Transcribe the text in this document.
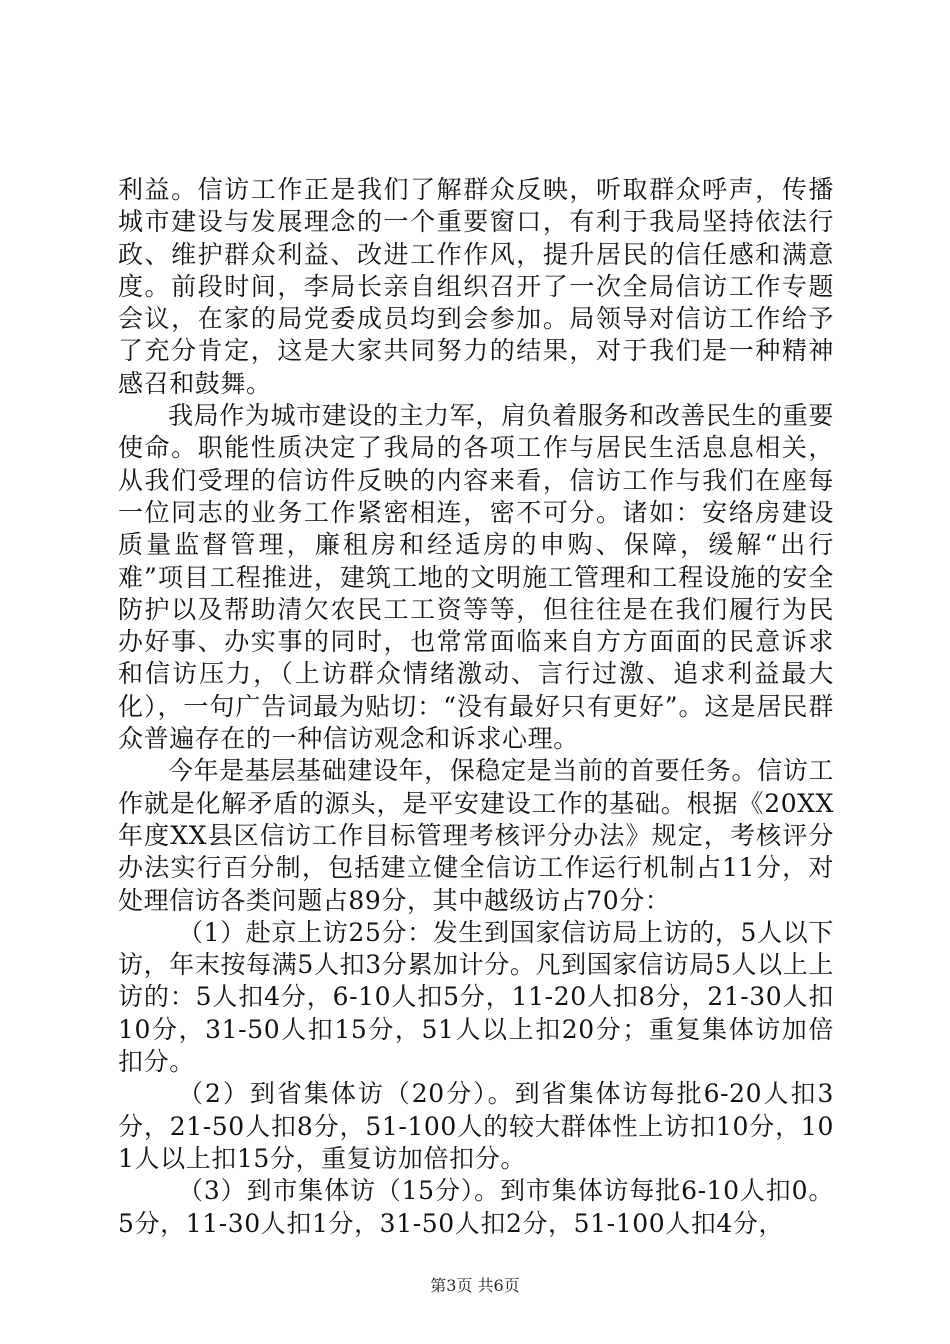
利益。信访工作正是我们了解群众反映，听取群众呼声，传播城市建设与发展理念的一个重要窗口，有利于我局坚持依法行政、维护群众利益、改进工作作风，提升居民的信任感和满意度。前段时间，李局长亲自组织召开了一次全局信访工作专题会议，在家的局党委成员均到会参加。局领导对信访工作给予了充分肯定，这是大家共同努力的结果，对于我们是一种精神感召和鼓舞。

我局作为城市建设的主力军，肩负着服务和改善民生的重要使命。职能性质决定了我局的各项工作与居民生活息息相关，从我们受理的信访件反映的内容来看，信访工作与我们在座每一位同志的业务工作紧密相连，密不可分。诸如：安络房建设质量监督管理，廉租房和经适房的申购、保障，缓解“出行难”项目工程推进，建筑工地的文明施工管理和工程设施的安全防护以及帮助清欠农民工工资等等，但往往是在我们履行为民办好事、办实事的同时，也常常面临来自方方面面的民意诉求和信访压力，（上访群众情绪激动、言行过激、追求利益最大化），一句广告词最为贴切：“没有最好只有更好”。这是居民群众普遍存在的一种信访观念和诉求心理。

今年是基层基础建设年，保稳定是当前的首要任务。信访工作就是化解矛盾的源头，是平安建设工作的基础。根据《20XX年度XX县区信访工作目标管理考核评分办法》规定，考核评分办法实行百分制，包括建立健全信访工作运行机制占11分，对处理信访各类问题占89分，其中越级访占70分：

（1）赴京上访25分：发生到国家信访局上访的，5人以下访，年末按每满5人扣3分累加计分。凡到国家信访局5人以上上访的：5人扣4分，6-10人扣5分，11-20人扣8分，21-30人扣10分，31-50人扣15分，51人以上扣20分；重复集体访加倍扣分。

（2）到省集体访（20分）。到省集体访每批6-20人扣3分，21-50人扣8分，51-100人的较大群体性上访扣10分，101人以上扣15分，重复访加倍扣分。

（3）到市集体访（15分）。到市集体访每批6-10人扣0。5分，11-30人扣1分，31-50人扣2分，51-100人扣4分，

第3页 共6页
